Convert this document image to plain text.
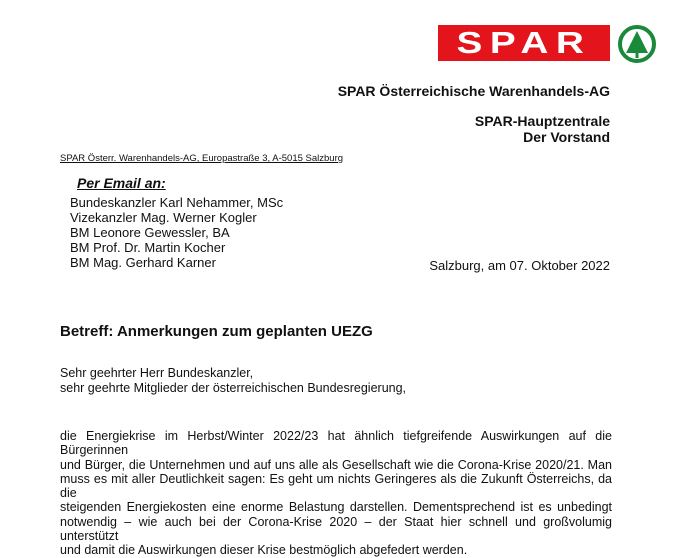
SPAR
SPAR Österreichische Warenhandels-AG
SPAR-Hauptzentrale
Der Vorstand
SPAR Österr. Warenhandels-AG, Europastraße 3, A-5015 Salzburg
Per Email an:
Bundeskanzler Karl Nehammer, MSc
Vizekanzler Mag. Werner Kogler
BM Leonore Gewessler, BA
BM Prof. Dr. Martin Kocher
BM Mag. Gerhard Karner	Salzburg, am 07. Oktober 2022
Betreff: Anmerkungen zum geplanten UEZG
Sehr geehrter Herr Bundeskanzler,
sehr geehrte Mitglieder der österreichischen Bundesregierung,
die Energiekrise im Herbst/Winter 2022/23 hat ähnlich tiefgreifende Auswirkungen auf die Bürgerinnen
und Bürger, die Unternehmen und auf uns alle als Gesellschaft wie die Corona-Krise 2020/21. Man
muss es mit aller Deutlichkeit sagen: Es geht um nichts Geringeres als die Zukunft Österreichs, da die
steigenden Energiekosten eine enorme Belastung darstellen. Dementsprechend ist es unbedingt
notwendig – wie auch bei der Corona-Krise 2020 – der Staat hier schnell und großvolumig unterstützt
und damit die Auswirkungen dieser Krise bestmöglich abgefedert werden.
